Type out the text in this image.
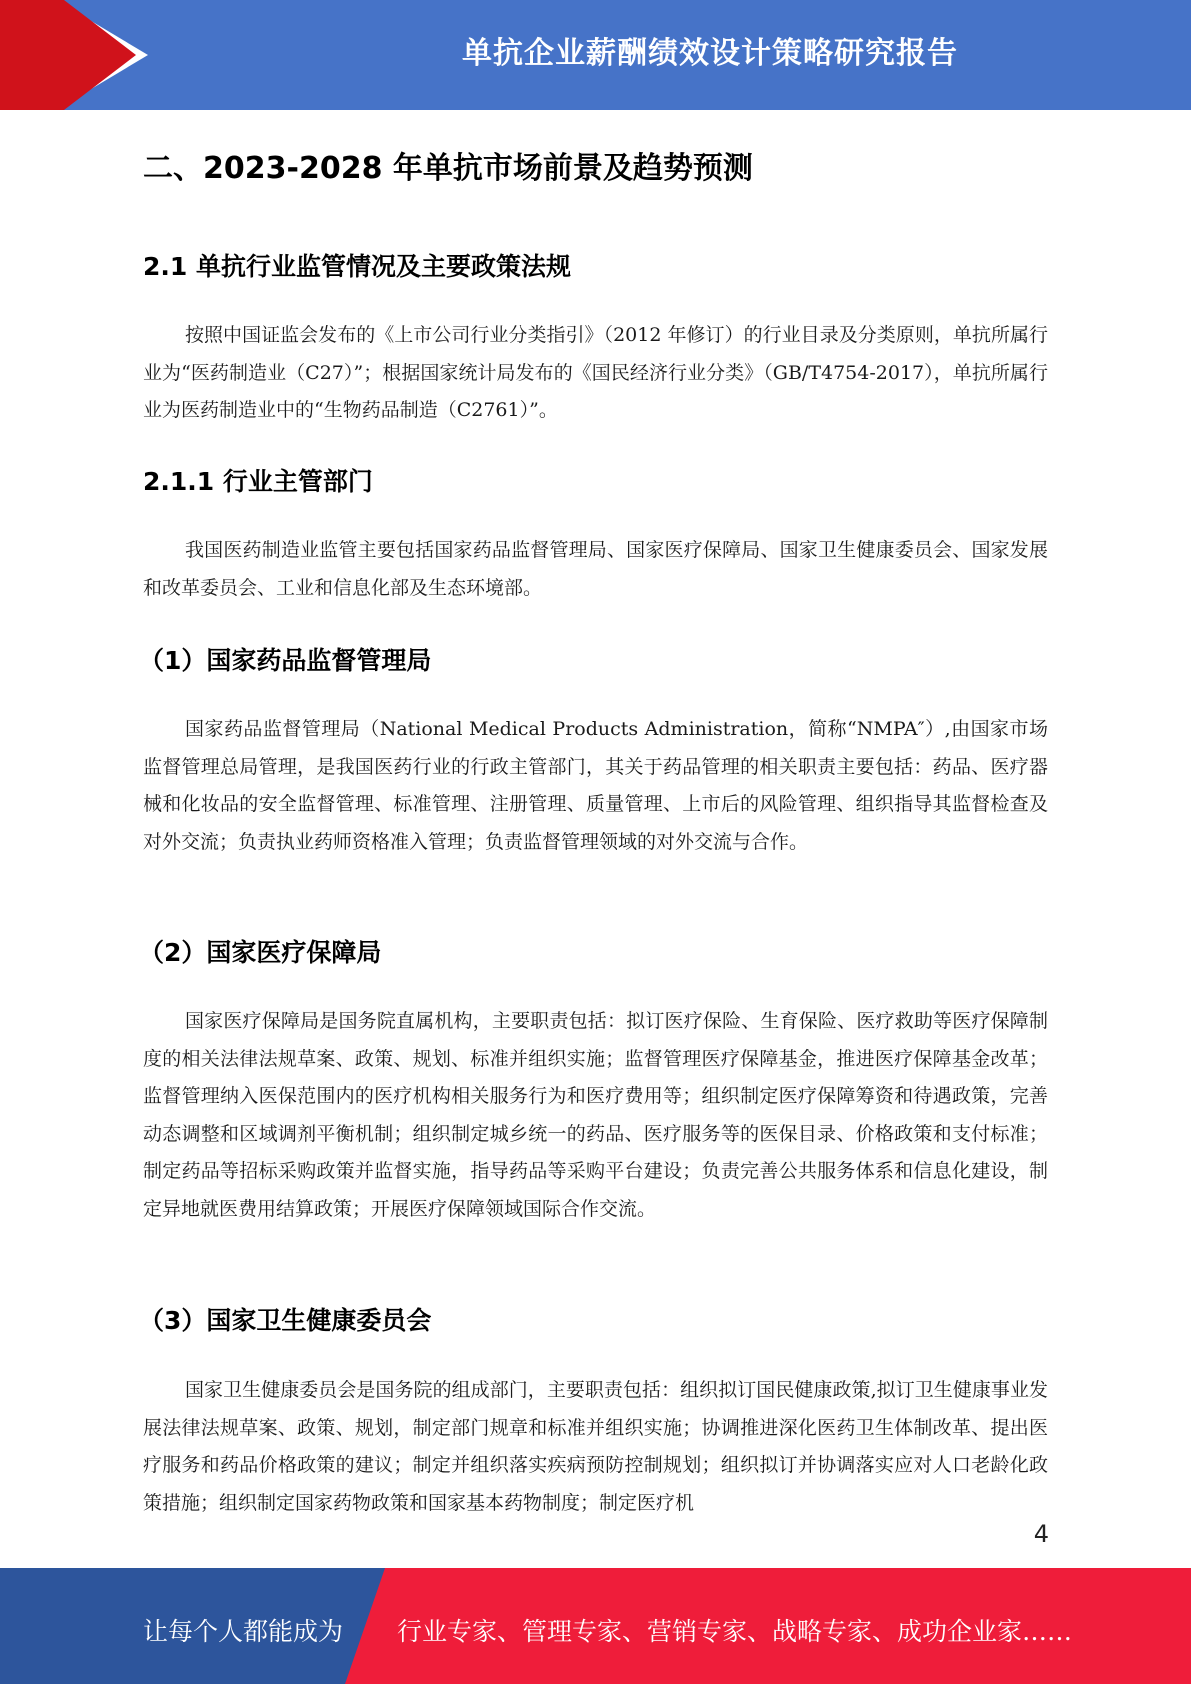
单抗企业薪酬绩效设计策略研究报告
二、2023-2028 年单抗市场前景及趋势预测
2.1 单抗行业监管情况及主要政策法规

按照中国证监会发布的《上市公司行业分类指引》（2012 年修订）的行业目录及分类原则，单抗所属行业为“医药制造业（C27）”；根据国家统计局发布的《国民经济行业分类》（GB/T4754-2017），单抗所属行业为医药制造业中的“生物药品制造（C2761）”。

2.1.1 行业主管部门

我国医药制造业监管主要包括国家药品监督管理局、国家医疗保障局、国家卫生健康委员会、国家发展和改革委员会、工业和信息化部及生态环境部。

（1）国家药品监督管理局

国家药品监督管理局（National Medical Products Administration，简称“NMPA″）,由国家市场监督管理总局管理，是我国医药行业的行政主管部门，其关于药品管理的相关职责主要包括：药品、医疗器械和化妆品的安全监督管理、标准管理、注册管理、质量管理、上市后的风险管理、组织指导其监督检查及对外交流；负责执业药师资格准入管理；负责监督管理领域的对外交流与合作。

（2）国家医疗保障局

国家医疗保障局是国务院直属机构，主要职责包括：拟订医疗保险、生育保险、医疗救助等医疗保障制度的相关法律法规草案、政策、规划、标准并组织实施；监督管理医疗保障基金，推进医疗保障基金改革；监督管理纳入医保范围内的医疗机构相关服务行为和医疗费用等；组织制定医疗保障筹资和待遇政策，完善动态调整和区域调剂平衡机制；组织制定城乡统一的药品、医疗服务等的医保目录、价格政策和支付标准；制定药品等招标采购政策并监督实施，指导药品等采购平台建设；负责完善公共服务体系和信息化建设，制定异地就医费用结算政策；开展医疗保障领域国际合作交流。

（3）国家卫生健康委员会

国家卫生健康委员会是国务院的组成部门，主要职责包括：组织拟订国民健康政策,拟订卫生健康事业发展法律法规草案、政策、规划，制定部门规章和标准并组织实施；协调推进深化医药卫生体制改革、提出医疗服务和药品价格政策的建议；制定并组织落实疾病预防控制规划；组织拟订并协调落实应对人口老龄化政策措施；组织制定国家药物政策和国家基本药物制度；制定医疗机

4
让每个人都能成为 行业专家、管理专家、营销专家、战略专家、成功企业家……
